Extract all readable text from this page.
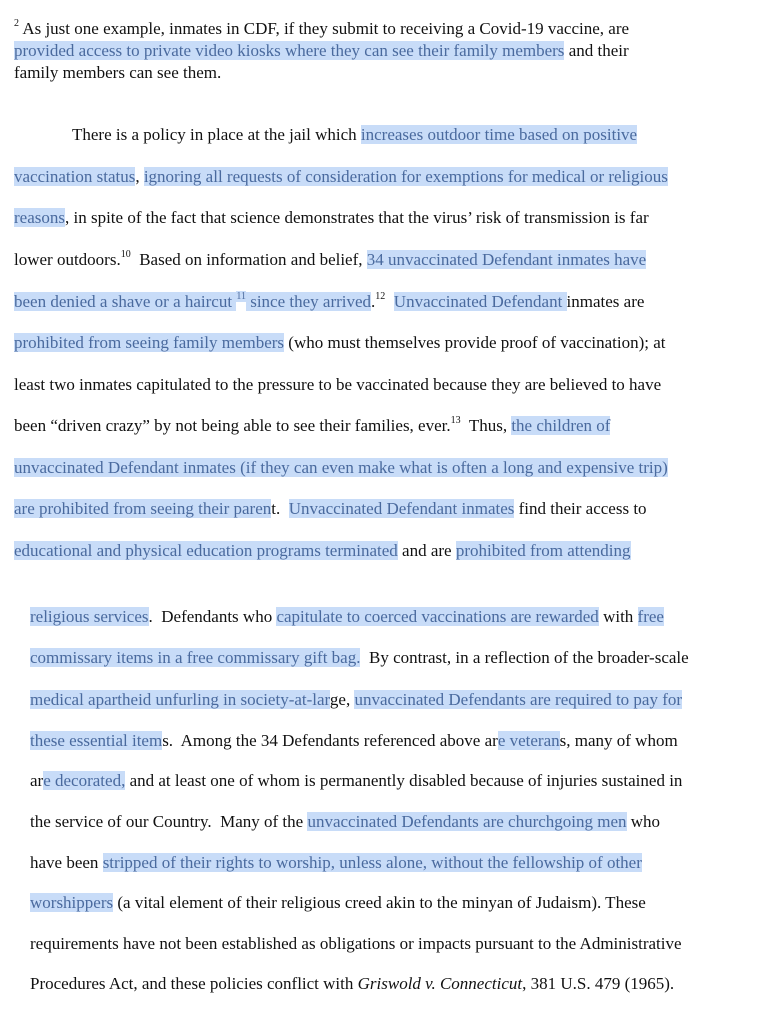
$^2$ As just one example, inmates in CDF, if they submit to receiving a Covid-19 vaccine, are
provided access to private video kiosks where they can see their family members and their
family members can see them.
There is a policy in place at the jail which increases outdoor time based on positive
vaccination status, ignoring all requests of consideration for exemptions for medical or religious
reasons, in spite of the fact that science demonstrates that the virus’ risk of transmission is far
lower outdoors.$^{10}$  Based on information and belief, 34 unvaccinated Defendant inmates have
been denied a shave or a haircut $^{11}$ since they arrived.$^{12}$ Unvaccinated Defendant inmates are
prohibited from seeing family members (who must themselves provide proof of vaccination); at
least two inmates capitulated to the pressure to be vaccinated because they are believed to have
been “driven crazy” by not being able to see their families, ever.$^{13}$  Thus, the children of
unvaccinated Defendant inmates (if they can even make what is often a long and expensive trip)
are prohibited from seeing their parent.  Unvaccinated Defendant inmates find their access to
educational and physical education programs terminated and are prohibited from attending
religious services.  Defendants who capitulate to coerced vaccinations are rewarded with free
commissary items in a free commissary gift bag.  By contrast, in a reflection of the broader-scale
medical apartheid unfurling in society-at-large, unvaccinated Defendants are required to pay for
these essential items.  Among the 34 Defendants referenced above are veterans, many of whom
are decorated, and at least one of whom is permanently disabled because of injuries sustained in
the service of our Country.  Many of the unvaccinated Defendants are churchgoing men who
have been stripped of their rights to worship, unless alone, without the fellowship of other
worshippers (a vital element of their religious creed akin to the minyan of Judaism). These
requirements have not been established as obligations or impacts pursuant to the Administrative
Procedures Act, and these policies conflict with Griswold v. Connecticut, 381 U.S. 479 (1965).
